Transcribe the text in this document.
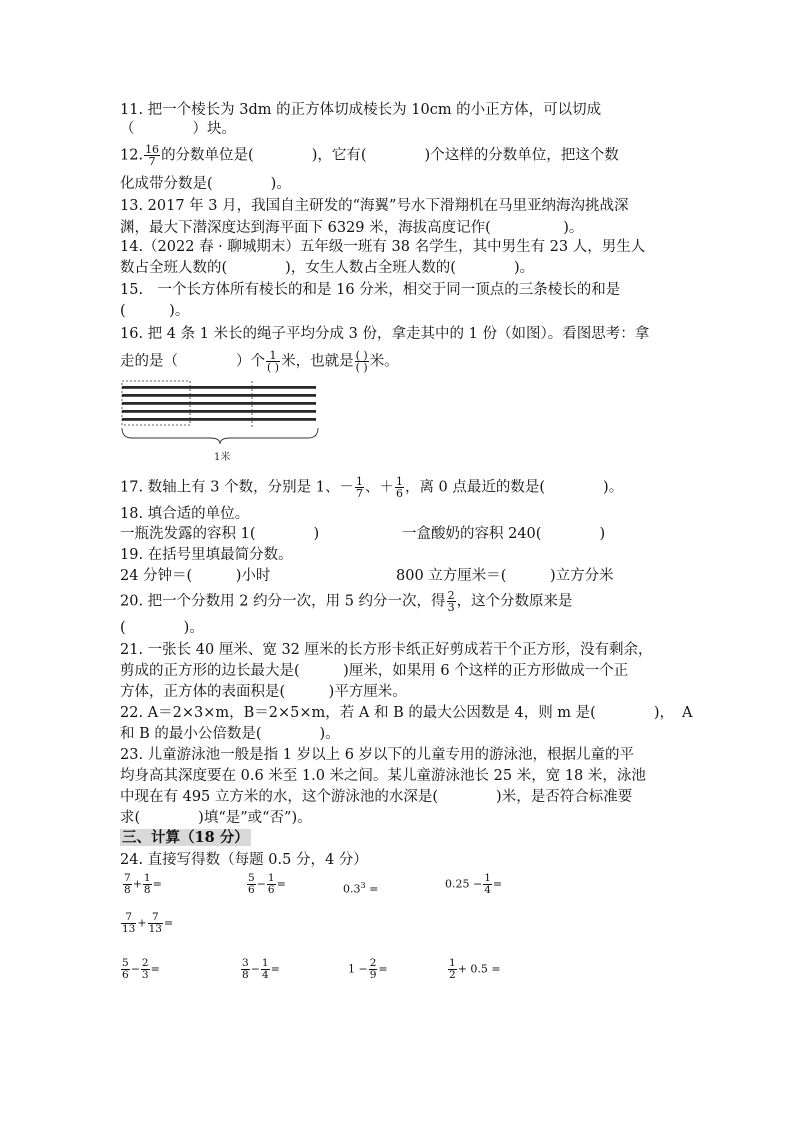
11. 把一个棱长为 3dm 的正方体切成棱长为 10cm 的小正方体，可以切成
（　　　　）块。
12. $\frac{16}{7}$ 的分数单位是(　　　　)，它有(　　　　)个这样的分数单位，把这个数
化成带分数是(　　　　)。
13. 2017 年 3 月，我国自主研发的“海翼”号水下滑翔机在马里亚纳海沟挑战深
渊，最大下潜深度达到海平面下 6329 米，海拔高度记作(　　　　　)。
14.（2022 春 · 聊城期末）五年级一班有 38 名学生，其中男生有 23 人，男生人
数占全班人数的(　　　　)，女生人数占全班人数的(　　　　)。
15.　一个长方体所有棱长的和是 16 分米，相交于同一顶点的三条棱长的和是
(　　　)。
16. 把 4 条 1 米长的绳子平均分成 3 份，拿走其中的 1 份（如图）。看图思考：拿
走的是（　　　　）个 $\frac{1}{( )}$ 米，也就是 $\frac{( )}{( )}$ 米。
1米
17. 数轴上有 3 个数，分别是 1、－ $\frac{1}{7}$ 、＋ $\frac{1}{6}$ ，离 0 点最近的数是(　　　　)。
18. 填合适的单位。
一瓶洗发露的容积 1(　　　　)	一盒酸奶的容积 240(　　　　)
19. 在括号里填最简分数。
24 分钟＝(　　　)小时	800 立方厘米＝(　　　)立方分米
20. 把一个分数用 2 约分一次，用 5 约分一次，得 $\frac{2}{3}$ ，这个分数原来是
(　　　　)。
21. 一张长 40 厘米、宽 32 厘米的长方形卡纸正好剪成若干个正方形，没有剩余，
剪成的正方形的边长最大是(　　　)厘米，如果用 6 个这样的正方形做成一个正
方体，正方体的表面积是(　　　)平方厘米。
22. A＝2×3×m，B＝2×5×m，若 A 和 B 的最大公因数是 4，则 m 是(　　　　)， A
和 B 的最小公倍数是(　　　　)。
23. 儿童游泳池一般是指 1 岁以上 6 岁以下的儿童专用的游泳池，根据儿童的平
均身高其深度要在 0.6 米至 1.0 米之间。某儿童游泳池长 25 米，宽 18 米，泳池
中现在有 495 立方米的水，这个游泳池的水深是(　　　　)米，是否符合标准要
求(　　　　)填“是”或“否”)。
三、计算（18 分）
24. 直接写得数（每题 0.5 分，4 分）
$\frac{7}{8} + \frac{1}{8}$ =	$\frac{5}{6} - \frac{1}{6}$ =	$0.3^3$ =	$0.25 - \frac{1}{4}$ =
$\frac{7}{13} + \frac{7}{13}$ =
$\frac{5}{6} - \frac{2}{3}$ =	$\frac{3}{8} - \frac{1}{4}$ =	$1 - \frac{2}{9}$ =	$\frac{1}{2} + 0.5$ =
